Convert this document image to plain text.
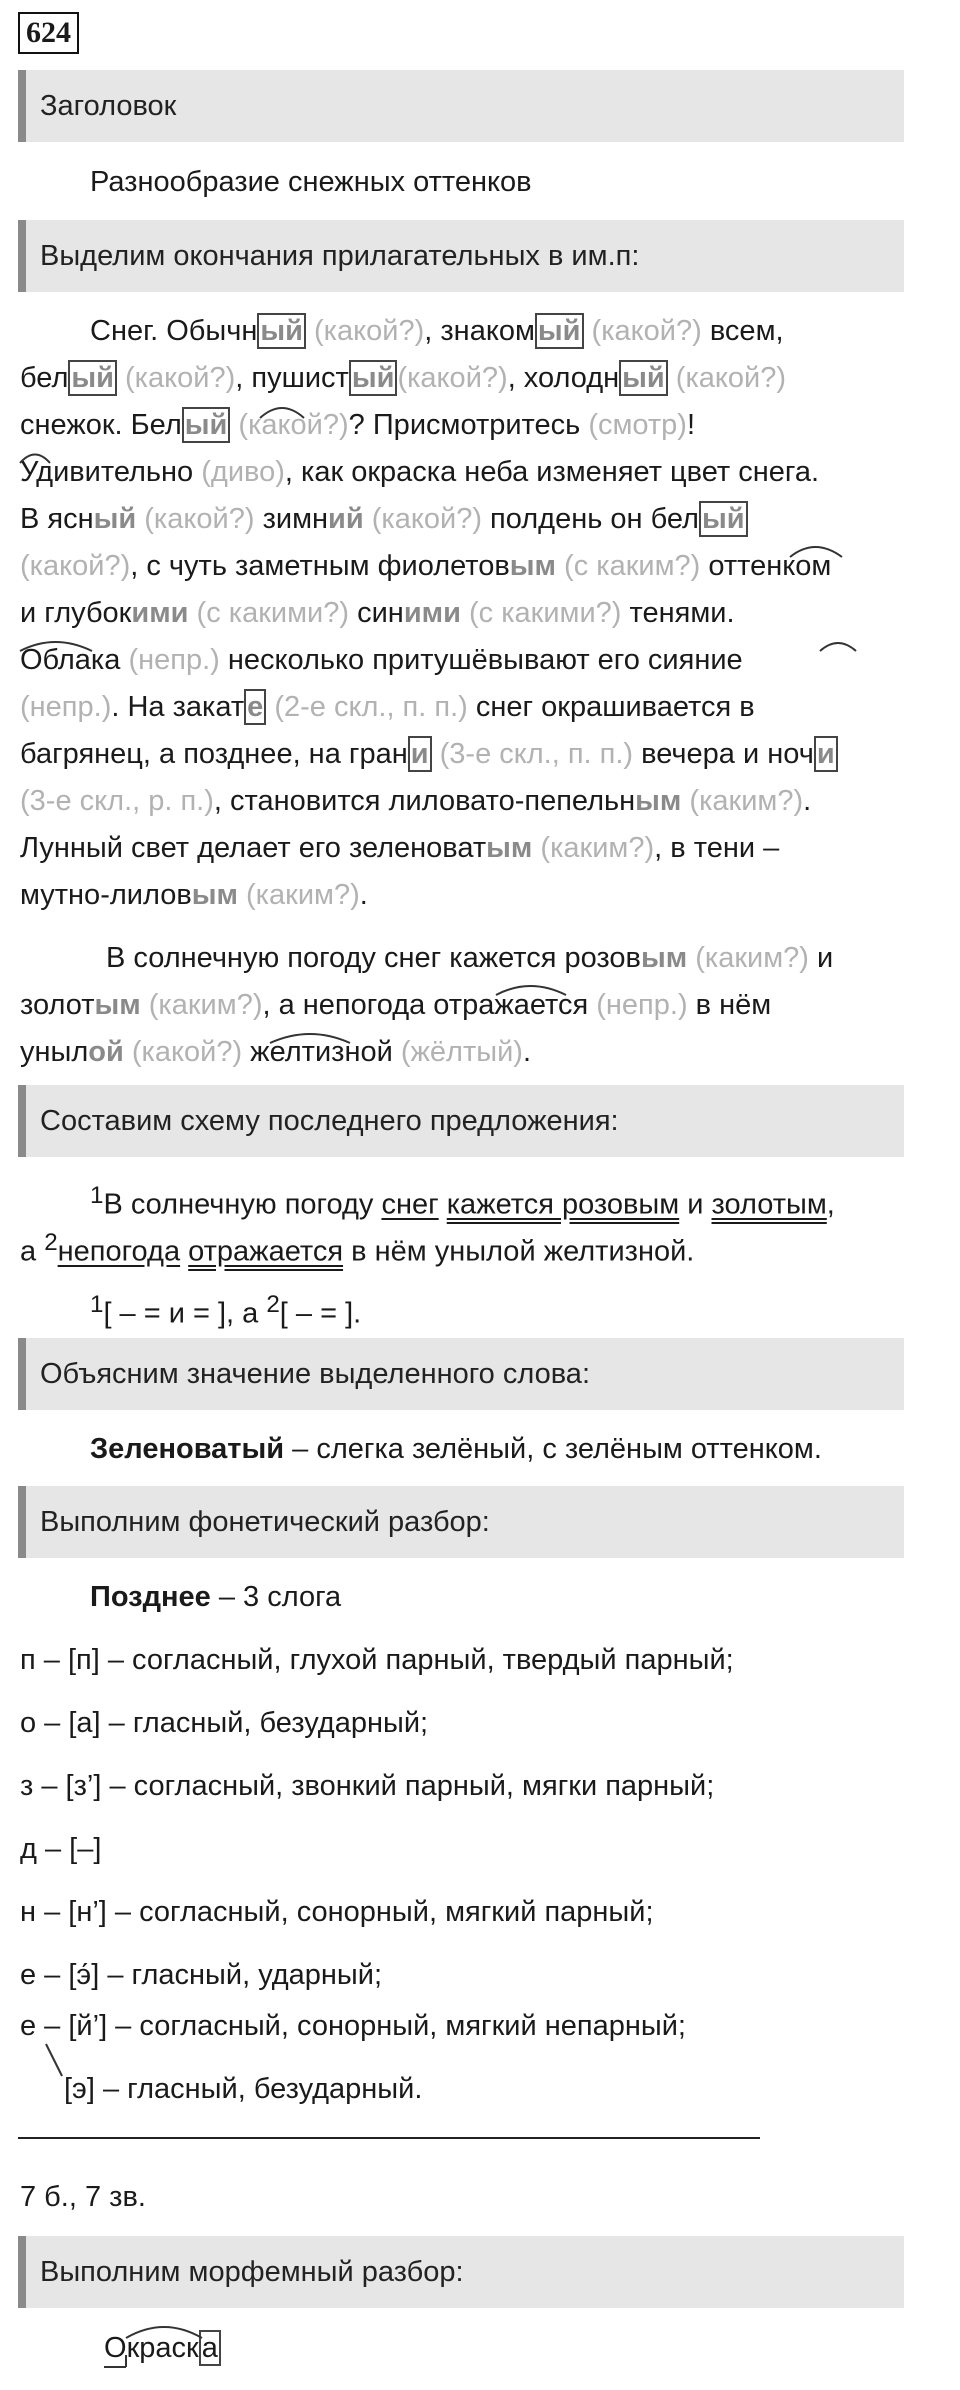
624
Заголовок
Разнообразие снежных оттенков
Выделим окончания прилагательных в им.п:
Снег. Обычн ый (какой?), знаком ый (какой?) всем,
бел ый (какой?), пушист ый (какой?), холодн ый (какой?)
снежок. Бел ый (какой?)? Присмотритесь (смотр)!
Удивительно (диво), как окраска неба изменяет цвет снега.
В ясный (какой?) зимний (какой?) полдень он бел ый
(какой?), с чуть заметным фиолетовым (с каким?) оттенком
и глубокими (с какими?) синими (с какими?) тенями.
Облака (непр.) несколько притушёвывают его сияние
(непр.). На закат е (2-е скл., п. п.) снег окрашивается в
багрянец, а позднее, на гран и (3-е скл., п. п.) вечера и ноч и
(3-е скл., р. п.), становится лиловато-пепельным (каким?).
Лунный свет делает его зеленоватым (каким?), в тени –
мутно-лиловым (каким?).
В солнечную погоду снег кажется розовым (каким?) и
золотым (каким?), а непогода отражается (непр.) в нём
унылой (какой?) желтизной (жёлтый).
Составим схему последнего предложения:
$^1$В солнечную погоду снег кажется розовым и золотым,
а $^2$непогода отражается в нём унылой желтизной.
$^1$[ – = и = ], а $^2$[ – = ].
Объясним значение выделенного слова:
Зеленоватый – слегка зелёный, с зелёным оттенком.
Выполним фонетический разбор:
Позднее – 3 слога
п – [п] – согласный, глухой парный, твердый парный;
о – [а] – гласный, безударный;
з – [з’] – согласный, звонкий парный, мягки парный;
д – [–]
н – [н’] – согласный, сонорный, мягкий парный;
е – [э́] – гласный, ударный;
е – [й’] – согласный, сонорный, мягкий непарный;
[э] – гласный, безударный.
7 б., 7 зв.
Выполним морфемный разбор:
Окраск а
